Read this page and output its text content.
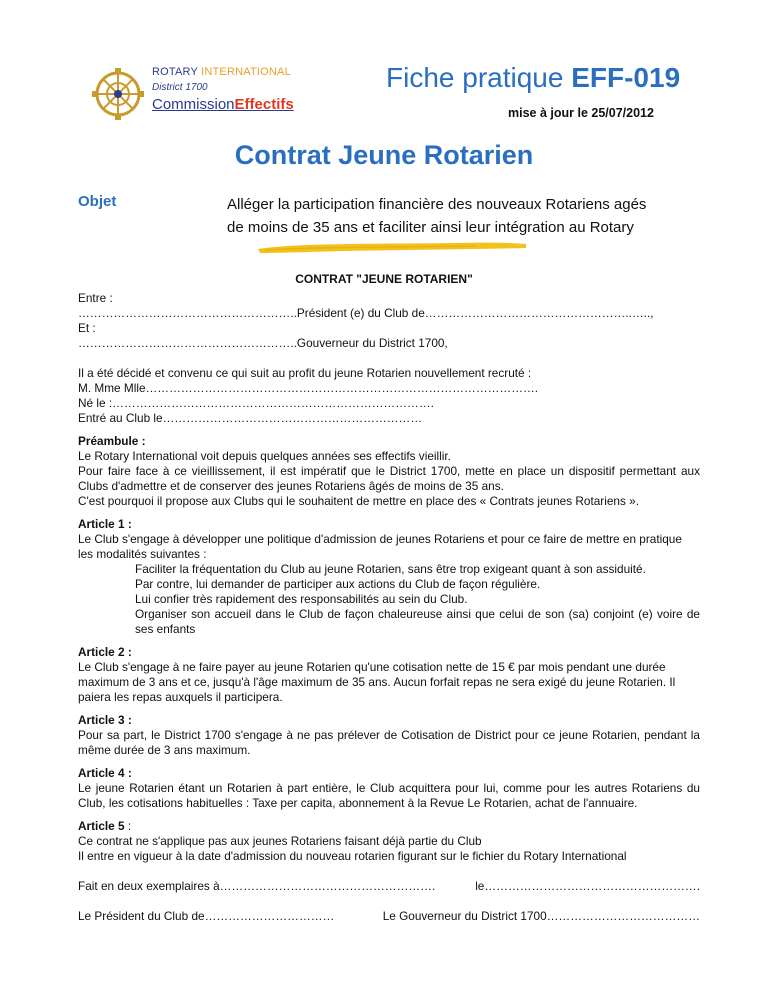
ROTARY INTERNATIONAL
District 1700
CommissionEffectifs
Fiche pratique EFF-019
mise à jour le 25/07/2012
Contrat Jeune Rotarien
Objet	Alléger la participation financière des nouveaux Rotariens agés
de moins de 35 ans et faciliter ainsi leur intégration au Rotary
CONTRAT "JEUNE ROTARIEN"

Entre :

………………………………………………..Président (e) du Club de……………………………………………..…..,

Et :

………………………………………………..Gouverneur du District 1700,

Il a été décidé et convenu ce qui suit au profit du jeune Rotarien nouvellement recruté :

M. Mme Mlle……………………………………………………………………………………….

Né le :……………………………………………………………………….

Entré au Club le…………………………………………………………

Préambule :

Le Rotary International voit depuis quelques années ses effectifs vieillir.

Pour faire face à ce vieillissement, il est impératif que le District 1700, mette en place un dispositif permettant aux Clubs d'admettre et de conserver des jeunes Rotariens âgés de moins de 35 ans.

C'est pourquoi il propose aux Clubs qui le souhaitent de mettre en place des « Contrats jeunes Rotariens ».

Article 1 :

Le Club s'engage à développer une politique d'admission de jeunes Rotariens et pour ce faire de mettre en pratique les modalités suivantes :

Faciliter la fréquentation du Club au jeune Rotarien, sans être trop exigeant quant à son assiduité.

Par contre, lui demander de participer aux actions du Club de façon régulière.

Lui confier très rapidement des responsabilités au sein du Club.

Organiser son accueil dans le Club de façon chaleureuse ainsi que celui de son (sa) conjoint (e) voire de ses enfants

Article 2 :

Le Club s'engage à ne faire payer au jeune Rotarien qu'une cotisation nette de 15 € par mois pendant une durée maximum de 3 ans et ce, jusqu'à l'âge maximum de 35 ans. Aucun forfait repas ne sera exigé du jeune Rotarien. Il paiera les repas auxquels il participera.

Article 3 :

Pour sa part, le District 1700 s'engage à ne pas prélever de Cotisation de District pour ce jeune Rotarien, pendant la même durée de 3 ans maximum.

Article 4 :

Le jeune Rotarien étant un Rotarien à part entière, le Club acquittera pour lui, comme pour les autres Rotariens du Club, les cotisations habituelles : Taxe per capita, abonnement à la Revue Le Rotarien, achat de l'annuaire.

Article 5 :

Ce contrat ne s'applique pas aux jeunes Rotariens faisant déjà partie du Club

Il entre en vigueur à la date d'admission du nouveau rotarien figurant sur le fichier du Rotary International

Fait en deux exemplaires à……………………………………………….	le……………………………………………….
Le Président du Club de……………………………	Le Gouverneur du District 1700…………………………………
